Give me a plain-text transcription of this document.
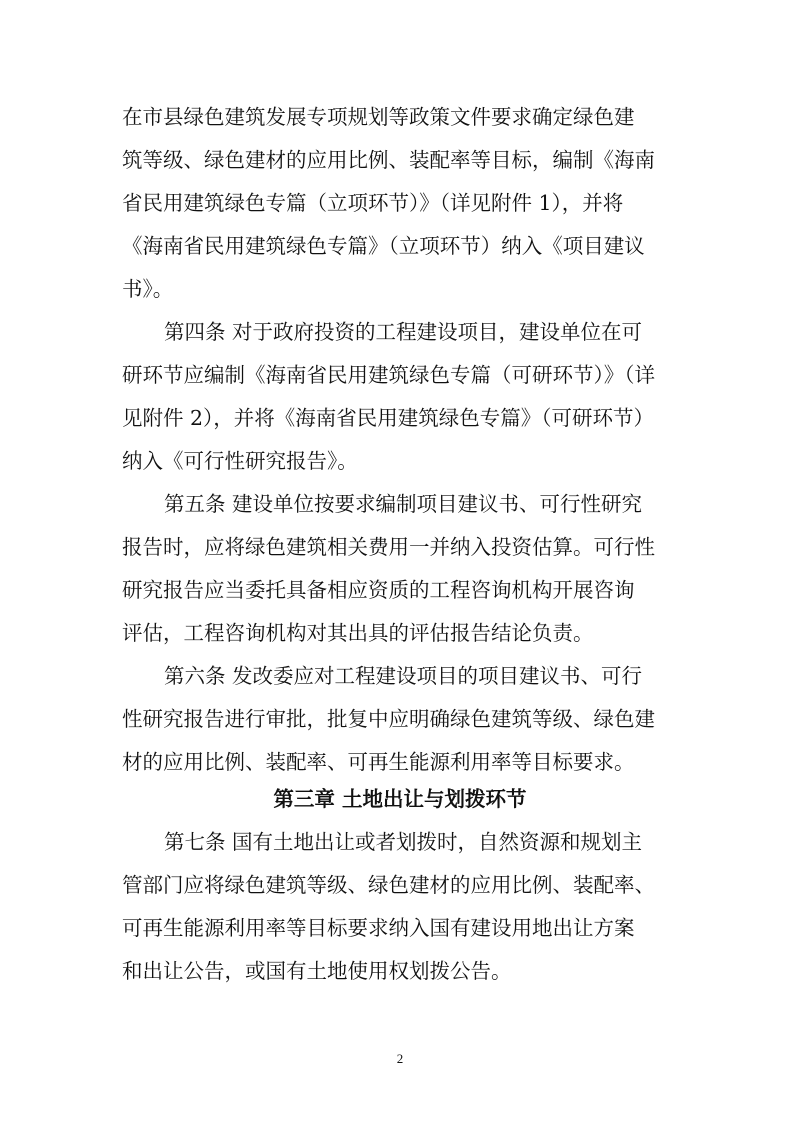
在市县绿色建筑发展专项规划等政策文件要求确定绿色建
筑等级、绿色建材的应用比例、装配率等目标，编制《海南
省民用建筑绿色专篇（立项环节）》（详见附件 1），并将
《海南省民用建筑绿色专篇》（立项环节）纳入《项目建议
书》。
第四条 对于政府投资的工程建设项目，建设单位在可
研环节应编制《海南省民用建筑绿色专篇（可研环节）》（详
见附件 2），并将《海南省民用建筑绿色专篇》（可研环节）
纳入《可行性研究报告》。
第五条 建设单位按要求编制项目建议书、可行性研究
报告时，应将绿色建筑相关费用一并纳入投资估算。可行性
研究报告应当委托具备相应资质的工程咨询机构开展咨询
评估，工程咨询机构对其出具的评估报告结论负责。
第六条 发改委应对工程建设项目的项目建议书、可行
性研究报告进行审批，批复中应明确绿色建筑等级、绿色建
材的应用比例、装配率、可再生能源利用率等目标要求。
第三章 土地出让与划拨环节
第七条 国有土地出让或者划拨时，自然资源和规划主
管部门应将绿色建筑等级、绿色建材的应用比例、装配率、
可再生能源利用率等目标要求纳入国有建设用地出让方案
和出让公告，或国有土地使用权划拨公告。
2
